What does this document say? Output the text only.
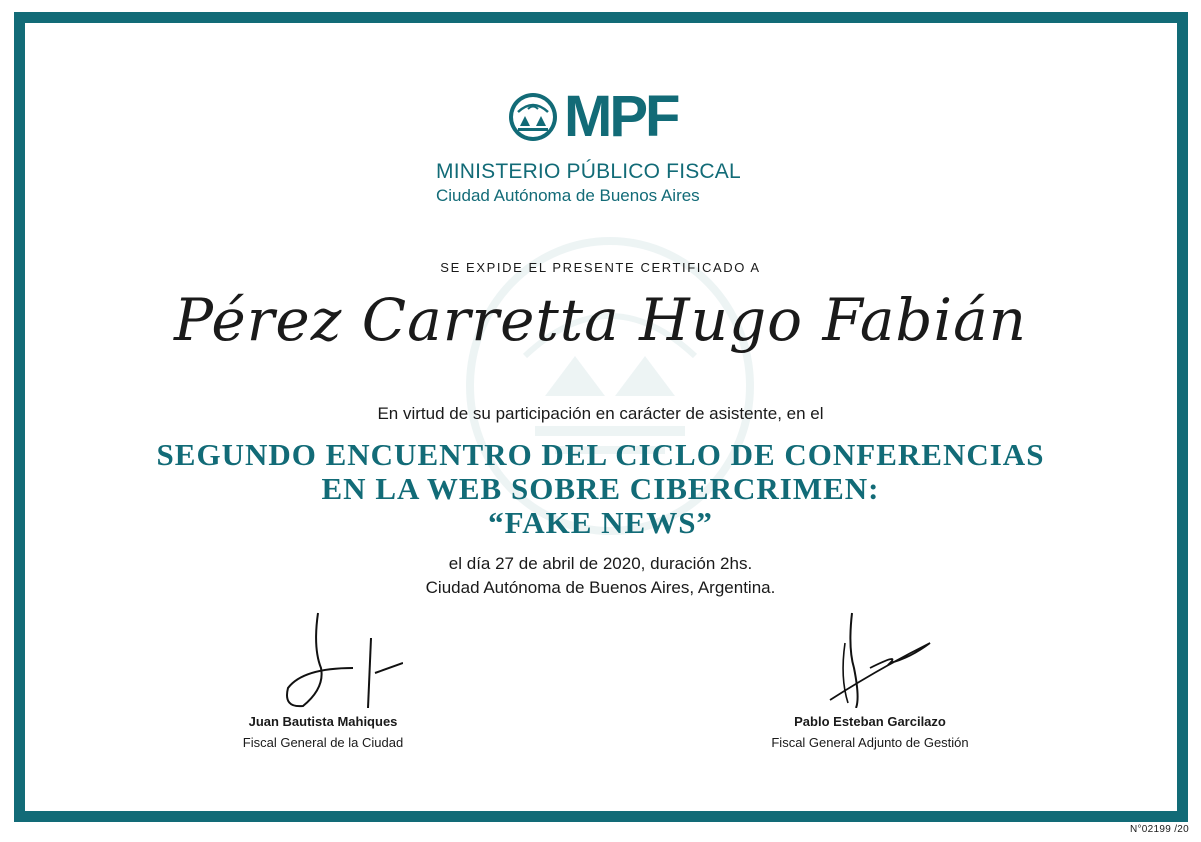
MPF
MINISTERIO PÚBLICO FISCAL
Ciudad Autónoma de Buenos Aires
SE EXPIDE EL PRESENTE CERTIFICADO A
Pérez Carretta Hugo Fabián
En virtud de su participación en carácter de asistente, en el
SEGUNDO ENCUENTRO DEL CICLO DE CONFERENCIAS
EN LA WEB SOBRE CIBERCRIMEN:
“FAKE NEWS”
el día 27 de abril de 2020, duración 2hs.
Ciudad Autónoma de Buenos Aires, Argentina.
Juan Bautista Mahiques
Fiscal General de la Ciudad
Pablo Esteban Garcilazo
Fiscal General Adjunto de Gestión
N°02199 /20
